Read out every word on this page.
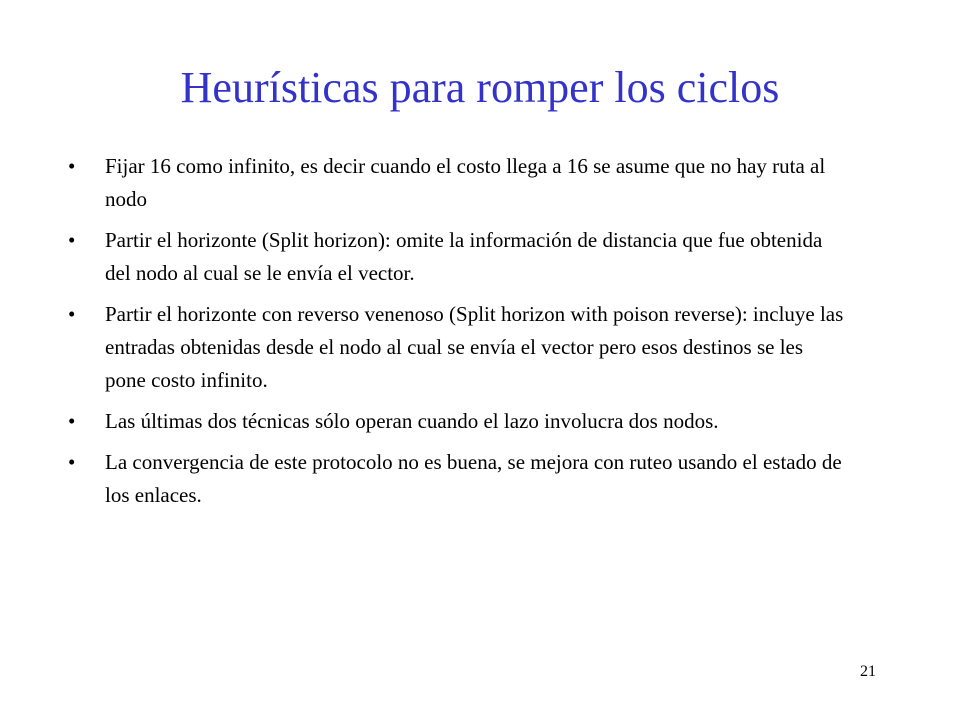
Heurísticas para romper los ciclos
• Fijar 16 como infinito, es decir cuando el costo llega a 16 se asume que no hay ruta al nodo
• Partir el horizonte (Split horizon): omite la información de distancia que fue obtenida del nodo al cual se le envía el vector.
• Partir el horizonte con reverso venenoso (Split horizon with poison reverse): incluye las entradas obtenidas desde el nodo al cual se envía el vector pero esos destinos se les pone costo infinito.
• Las últimas dos técnicas sólo operan cuando el lazo involucra dos nodos.
• La convergencia de este protocolo no es buena, se mejora con ruteo usando el estado de los enlaces.
21
